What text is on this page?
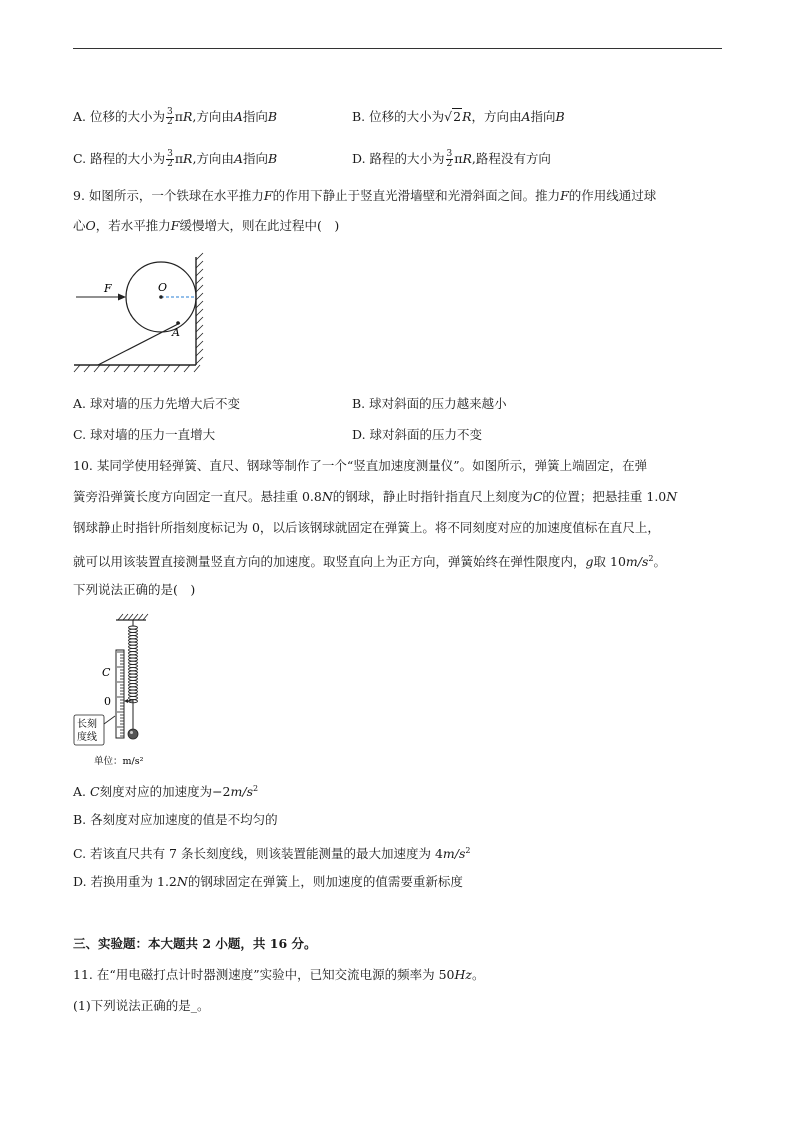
A. 位移的大小为 $\frac{3}{2} \pi R$,方向由A指向B	B. 位移的大小为√2R，方向由A指向B
C. 路程的大小为 $\frac{3}{2} \pi R$,方向由A指向B	D. 路程的大小为 $\frac{3}{2} \pi R$,路程没有方向
9. 如图所示，一个铁球在水平推力F的作用下静止于竖直光滑墙壁和光滑斜面之间。推力F的作用线通过球
心O，若水平推力F缓慢增大，则在此过程中(　)
F	O
A
A. 球对墙的压力先增大后不变	B. 球对斜面的压力越来越小
C. 球对墙的压力一直增大	D. 球对斜面的压力不变
10. 某同学使用轻弹簧、直尺、钢球等制作了一个“竖直加速度测量仪”。如图所示，弹簧上端固定，在弹
簧旁沿弹簧长度方向固定一直尺。悬挂重 0.8N的钢球，静止时指针指直尺上刻度为C的位置；把悬挂重 1.0N
钢球静止时指针所指刻度标记为 0，以后该钢球就固定在弹簧上。将不同刻度对应的加速度值标在直尺上，
就可以用该装置直接测量竖直方向的加速度。取竖直向上为正方向，弹簧始终在弹性限度内，g取 $10m/s^2$。
下列说法正确的是(　)
C
0
长刻
度线
单位：m/s²
A. C刻度对应的加速度为$-2m/s^2$
B. 各刻度对应加速度的值是不均匀的
C. 若该直尺共有 7 条长刻度线，则该装置能测量的最大加速度为 $4m/s^2$
D. 若换用重为 1.2N的钢球固定在弹簧上，则加速度的值需要重新标度
三、实验题：本大题共 2 小题，共 16 分。
11. 在“用电磁打点计时器测速度”实验中，已知交流电源的频率为 50Hz。
(1)下列说法正确的是_。
